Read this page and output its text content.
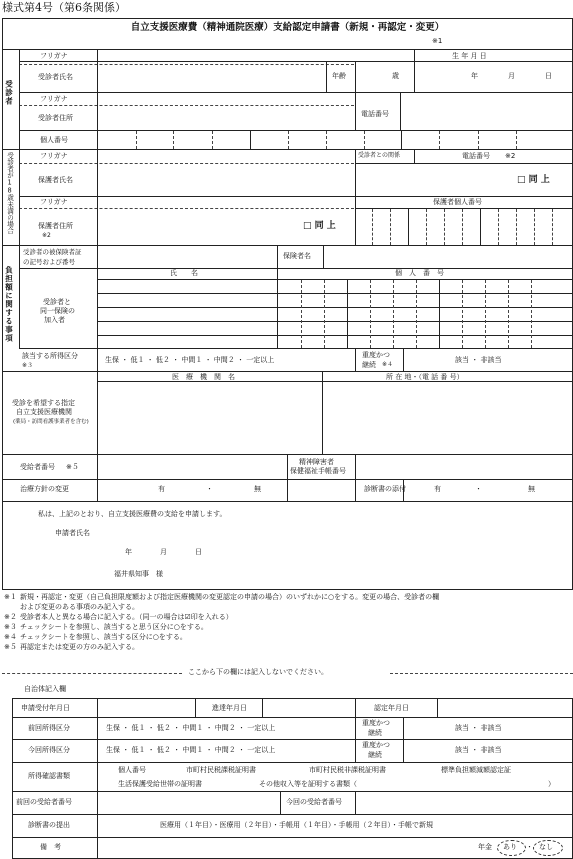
様式第4号（第6条関係）
自立支援医療費（精神通院医療）支給認定申請書（新規・再認定・変更）
※1
受診者
フリガナ
受診者氏名	年齢	歳
生 年 月 日
年	月	日
フリガナ
受診者住所	電話番号
個人番号
受診者が18歳未満の場合	フリガナ	受診者との関係	電話番号 ※2
保護者氏名	□ 同 上
フリガナ	保護者個人番号
保護者住所
※2
□ 同 上
負担額に関する事項
受診者の被保険者証
の記号および番号
保険者名
氏　　名	個　人　番　号
受診者と
同一保険の
加入者
該当する所得区分
※３
生保 ・ 低１ ・ 低２ ・ 中間１ ・ 中間２ ・ 一定以上
重度かつ
継続 ※４
該当 ・ 非該当
医　療　機　関　名	所 在 地・（電 話 番 号）
受診を希望する指定
自立支援医療機関
(薬局・訪問看護事業者を含む)
受給者番号 ※５
精神障害者
保健福祉手帳番号
治療方針の変更	有	・	無	診断書の添付	有	・	無
私は、上記のとおり、自立支援医療費の支給を申請します。
申請者氏名
年	月	日
福井県知事　様
※１ 新規・再認定・変更（自己負担限度額および指定医療機関の変更認定の申請の場合）のいずれかに○をする。変更の場合、受診者の欄
および変更のある事項のみ記入する。
※２ 受診者本人と異なる場合に記入する。（同一の場合は☑印を入れる）
※３ チェックシートを参照し、該当すると思う区分に○をする。
※４ チェックシートを参照し、該当する区分に○をする。
※５ 再認定または変更の方のみ記入する。
ここから下の欄には記入しないでください。
自治体記入欄
申請受付年月日	進達年月日	認定年月日
前回所得区分	生保 ・ 低１ ・ 低２ ・ 中間１ ・ 中間２ ・ 一定以上
重度かつ
継続
該当 ・ 非該当
今回所得区分	生保 ・ 低１ ・ 低２ ・ 中間１ ・ 中間２ ・ 一定以上
重度かつ
継続
該当 ・ 非該当
所得確認書類
個人番号	市町村民税課税証明書	市町村民税非課税証明書	標準負担額減額認定証
生活保護受給世帯の証明書	その他収入等を証明する書類（	）
前回の受給者番号	今回の受給者番号
診断書の提出	医療用（１年目）・医療用（２年目）・手帳用（１年目）・手帳用（２年目）・手帳で新規
備　考	年金 あり ・ なし
